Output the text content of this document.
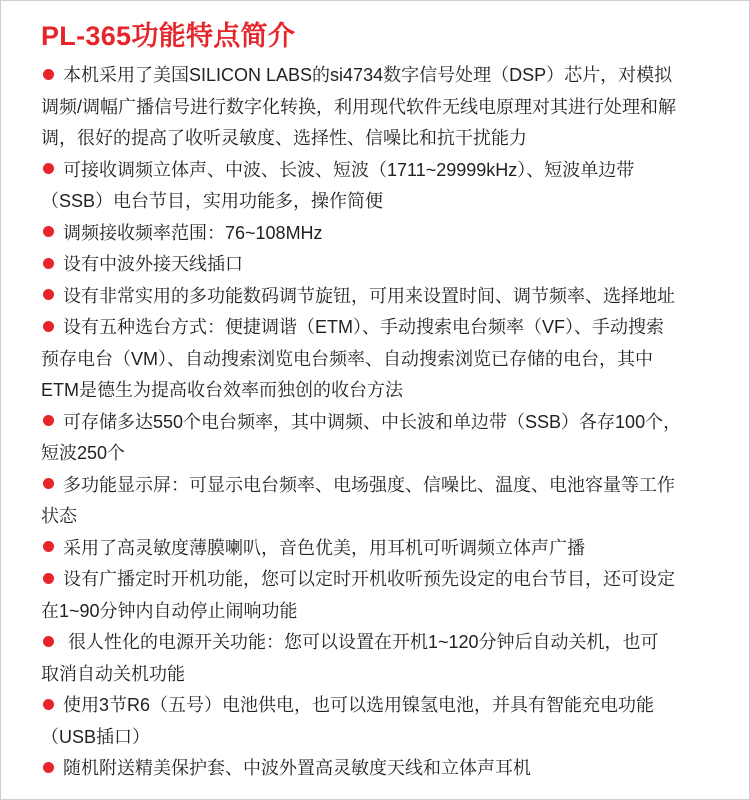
PL-365功能特点简介
本机采用了美国SILICON LABS的si4734数字信号处理（DSP）芯片，对模拟
调频/调幅广播信号进行数字化转换，利用现代软件无线电原理对其进行处理和解
调，很好的提高了收听灵敏度、选择性、信噪比和抗干扰能力
可接收调频立体声、中波、长波、短波（1711~29999kHz）、短波单边带
（SSB）电台节目，实用功能多，操作简便
调频接收频率范围：76~108MHz
设有中波外接天线插口
设有非常实用的多功能数码调节旋钮，可用来设置时间、调节频率、选择地址
设有五种选台方式：便捷调谐（ETM）、手动搜索电台频率（VF）、手动搜索
预存电台（VM）、自动搜索浏览电台频率、自动搜索浏览已存储的电台，其中
ETM是德生为提高收台效率而独创的收台方法
可存储多达550个电台频率，其中调频、中长波和单边带（SSB）各存100个，
短波250个
多功能显示屏：可显示电台频率、电场强度、信噪比、温度、电池容量等工作
状态
采用了高灵敏度薄膜喇叭，音色优美，用耳机可听调频立体声广播
设有广播定时开机功能，您可以定时开机收听预先设定的电台节目，还可设定
在1~90分钟内自动停止闹响功能
很人性化的电源开关功能：您可以设置在开机1~120分钟后自动关机，也可
取消自动关机功能
使用3节R6（五号）电池供电，也可以选用镍氢电池，并具有智能充电功能
（USB插口）
随机附送精美保护套、中波外置高灵敏度天线和立体声耳机
